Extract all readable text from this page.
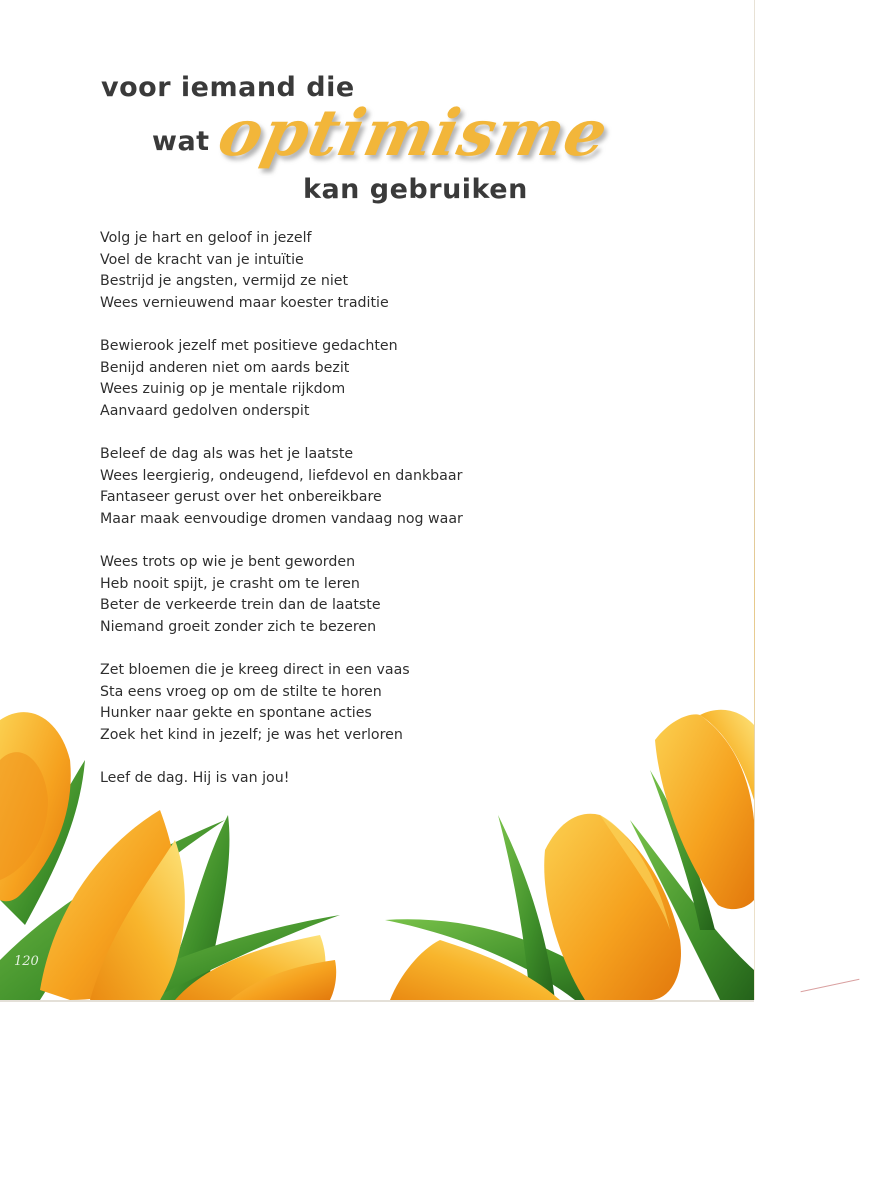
optimisme
voor iemand die
wat
kan gebruiken
Volg je hart en geloof in jezelf
Voel de kracht van je intuïtie
Bestrijd je angsten, vermijd ze niet
Wees vernieuwend maar koester traditie
Bewierook jezelf met positieve gedachten
Benijd anderen niet om aards bezit
Wees zuinig op je mentale rijkdom
Aanvaard gedolven onderspit
Beleef de dag als was het je laatste
Wees leergierig, ondeugend, liefdevol en dankbaar
Fantaseer gerust over het onbereikbare
Maar maak eenvoudige dromen vandaag nog waar
Wees trots op wie je bent geworden
Heb nooit spijt, je crasht om te leren
Beter de verkeerde trein dan de laatste
Niemand groeit zonder zich te bezeren
Zet bloemen die je kreeg direct in een vaas
Sta eens vroeg op om de stilte te horen
Hunker naar gekte en spontane acties
Zoek het kind in jezelf; je was het verloren
Leef de dag. Hij is van jou!
120
